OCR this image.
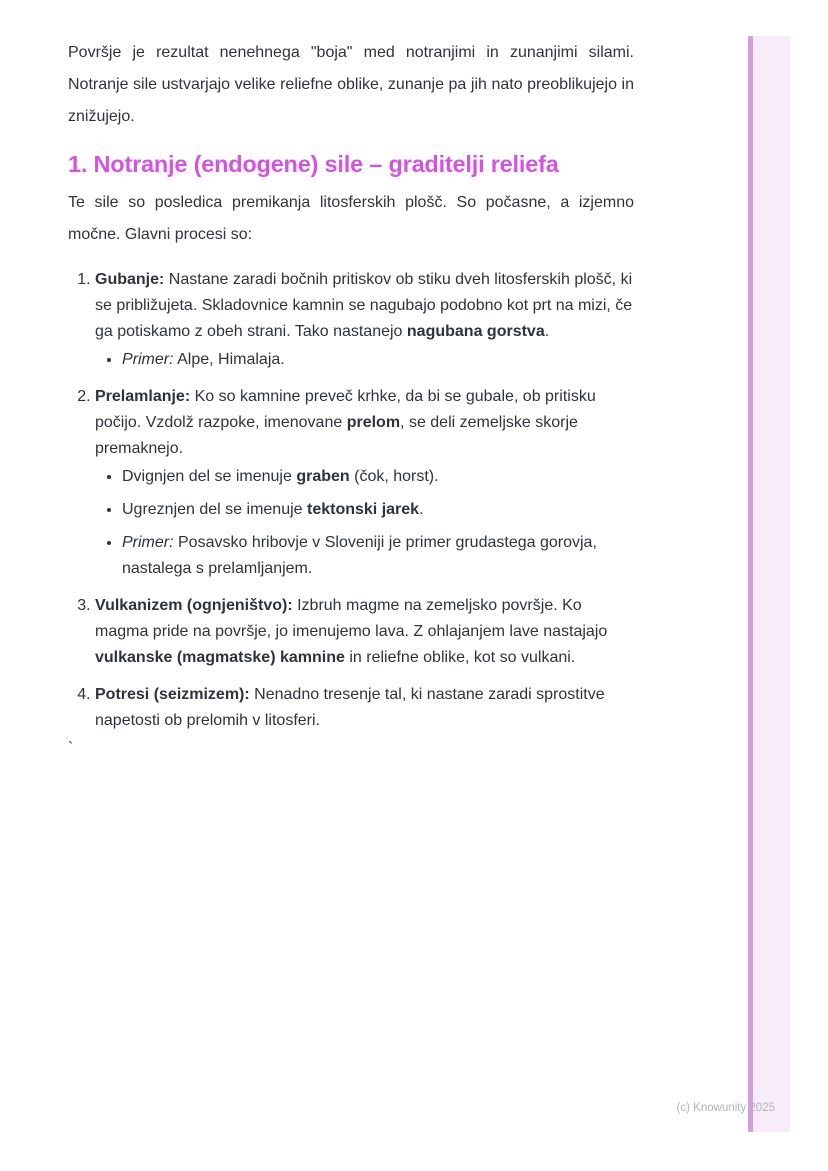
Površje je rezultat nenehnega "boja" med notranjimi in zunanjimi silami. Notranje sile ustvarjajo velike reliefne oblike, zunanje pa jih nato preoblikujejo in znižujejo.

1. Notranje (endogene) sile – graditelji reliefa

Te sile so posledica premikanja litosferskih plošč. So počasne, a izjemno močne. Glavni procesi so:

1. Gubanje: Nastane zaradi bočnih pritiskov ob stiku dveh litosferskih plošč, ki se približujeta. Skladovnice kamnin se nagubajo podobno kot prt na mizi, če ga potiskamo z obeh strani. Tako nastanejo nagubana gorstva.
• Primer: Alpe, Himalaja.
2. Prelamlanje: Ko so kamnine preveč krhke, da bi se gubale, ob pritisku počijo. Vzdolž razpoke, imenovane prelom, se deli zemeljske skorje premaknejo.
• Dvignjen del se imenuje graben (čok, horst).
• Ugreznjen del se imenuje tektonski jarek.
• Primer: Posavsko hribovje v Sloveniji je primer grudastega gorovja, nastalega s prelamljanjem.
3. Vulkanizem (ognjeništvo): Izbruh magme na zemeljsko površje. Ko magma pride na površje, jo imenujemo lava. Z ohlajanjem lave nastajajo vulkanske (magmatske) kamnine in reliefne oblike, kot so vulkani.
4. Potresi (seizmizem): Nenadno tresenje tal, ki nastane zaradi sprostitve napetosti ob prelomih v litosferi.
`
(c) Knowunity 2025
